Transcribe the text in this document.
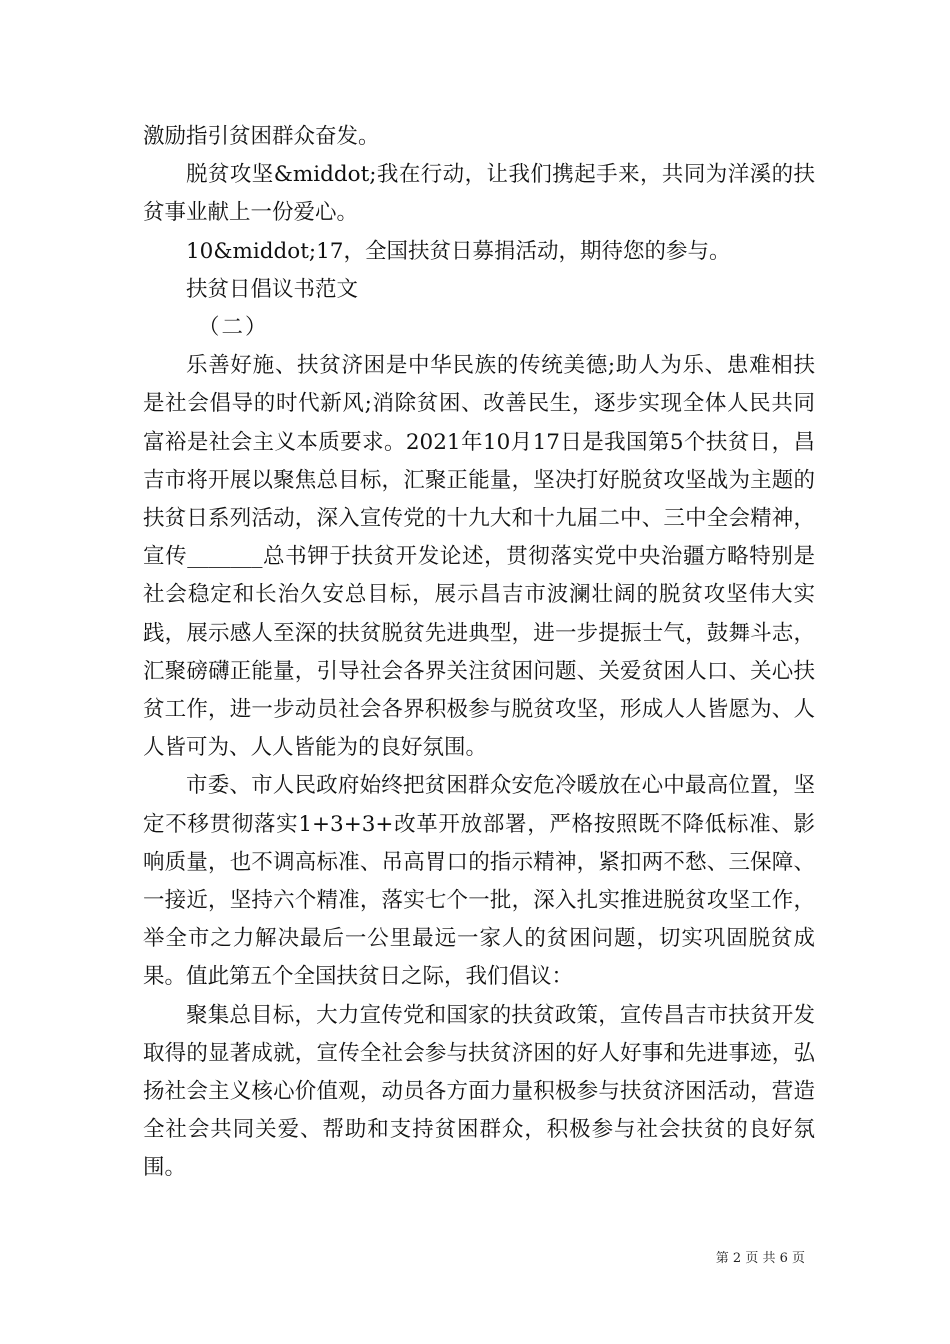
激励指引贫困群众奋发。

脱贫攻坚&middot;我在行动，让我们携起手来，共同为洋溪的扶贫事业献上一份爱心。

10&middot;17，全国扶贫日募捐活动，期待您的参与。

扶贫日倡议书范文

（二）

乐善好施、扶贫济困是中华民族的传统美德;助人为乐、患难相扶是社会倡导的时代新风;消除贫困、改善民生，逐步实现全体人民共同富裕是社会主义本质要求。2021年10月17日是我国第5个扶贫日，昌吉市将开展以聚焦总目标，汇聚正能量，坚决打好脱贫攻坚战为主题的扶贫日系列活动，深入宣传党的十九大和十九届二中、三中全会精神，宣传_______总书钾于扶贫开发论述，贯彻落实党中央治疆方略特别是社会稳定和长治久安总目标，展示昌吉市波澜壮阔的脱贫攻坚伟大实践，展示感人至深的扶贫脱贫先进典型，进一步提振士气，鼓舞斗志，汇聚磅礴正能量，引导社会各界关注贫困问题、关爱贫困人口、关心扶贫工作，进一步动员社会各界积极参与脱贫攻坚，形成人人皆愿为、人人皆可为、人人皆能为的良好氛围。

市委、市人民政府始终把贫困群众安危冷暖放在心中最高位置，坚定不移贯彻落实1+3+3+改革开放部署，严格按照既不降低标准、影响质量，也不调高标准、吊高胃口的指示精神，紧扣两不愁、三保障、一接近，坚持六个精准，落实七个一批，深入扎实推进脱贫攻坚工作，举全市之力解决最后一公里最远一家人的贫困问题，切实巩固脱贫成果。值此第五个全国扶贫日之际，我们倡议：

聚集总目标，大力宣传党和国家的扶贫政策，宣传昌吉市扶贫开发取得的显著成就，宣传全社会参与扶贫济困的好人好事和先进事迹，弘扬社会主义核心价值观，动员各方面力量积极参与扶贫济困活动，营造全社会共同关爱、帮助和支持贫困群众，积极参与社会扶贫的良好氛围。

第 2 页 共 6 页
